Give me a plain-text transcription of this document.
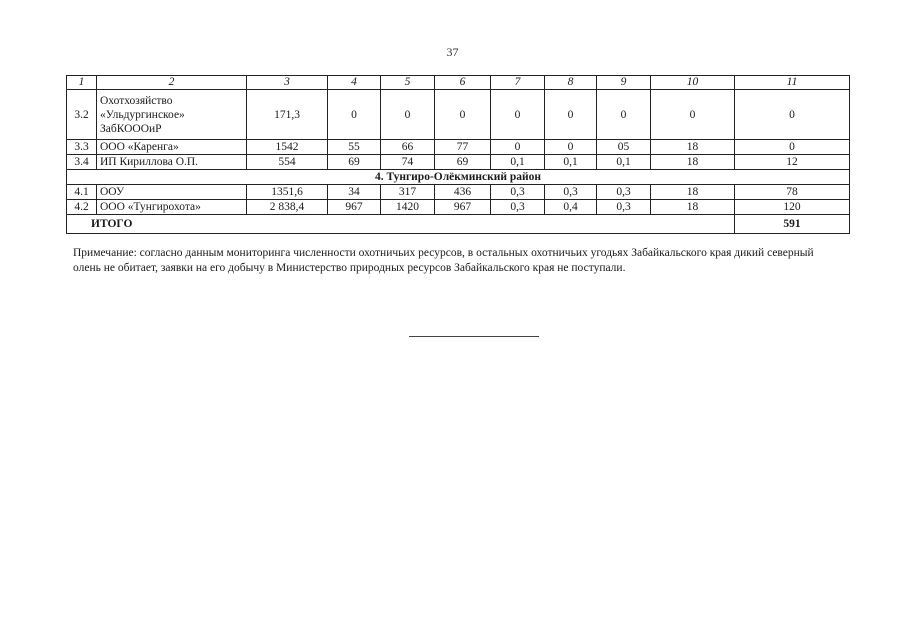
37
1	2	3	4	5	6	7	8	9	10	11
3.2	Охотхозяйство «Ульдургинское» ЗабКОООиР	171,3	0	0	0	0	0	0	0	0
3.3	ООО «Каренга»	1542	55	66	77	0	0	05	18	0
3.4	ИП Кириллова О.П.	554	69	74	69	0,1	0,1	0,1	18	12
4. Тунгиро-Олёкминский район										
4.1	ООУ	1351,6	34	317	436	0,3	0,3	0,3	18	78
4.2	ООО «Тунгирохота»	2 838,4	967	1420	967	0,3	0,4	0,3	18	120
ИТОГО										591
Примечание: согласно данным мониторинга численности охотничьих ресурсов, в остальных охотничьих угодьях Забайкальского края дикий северный олень не обитает, заявки на его добычу в Министерство природных ресурсов Забайкальского края не поступали.
